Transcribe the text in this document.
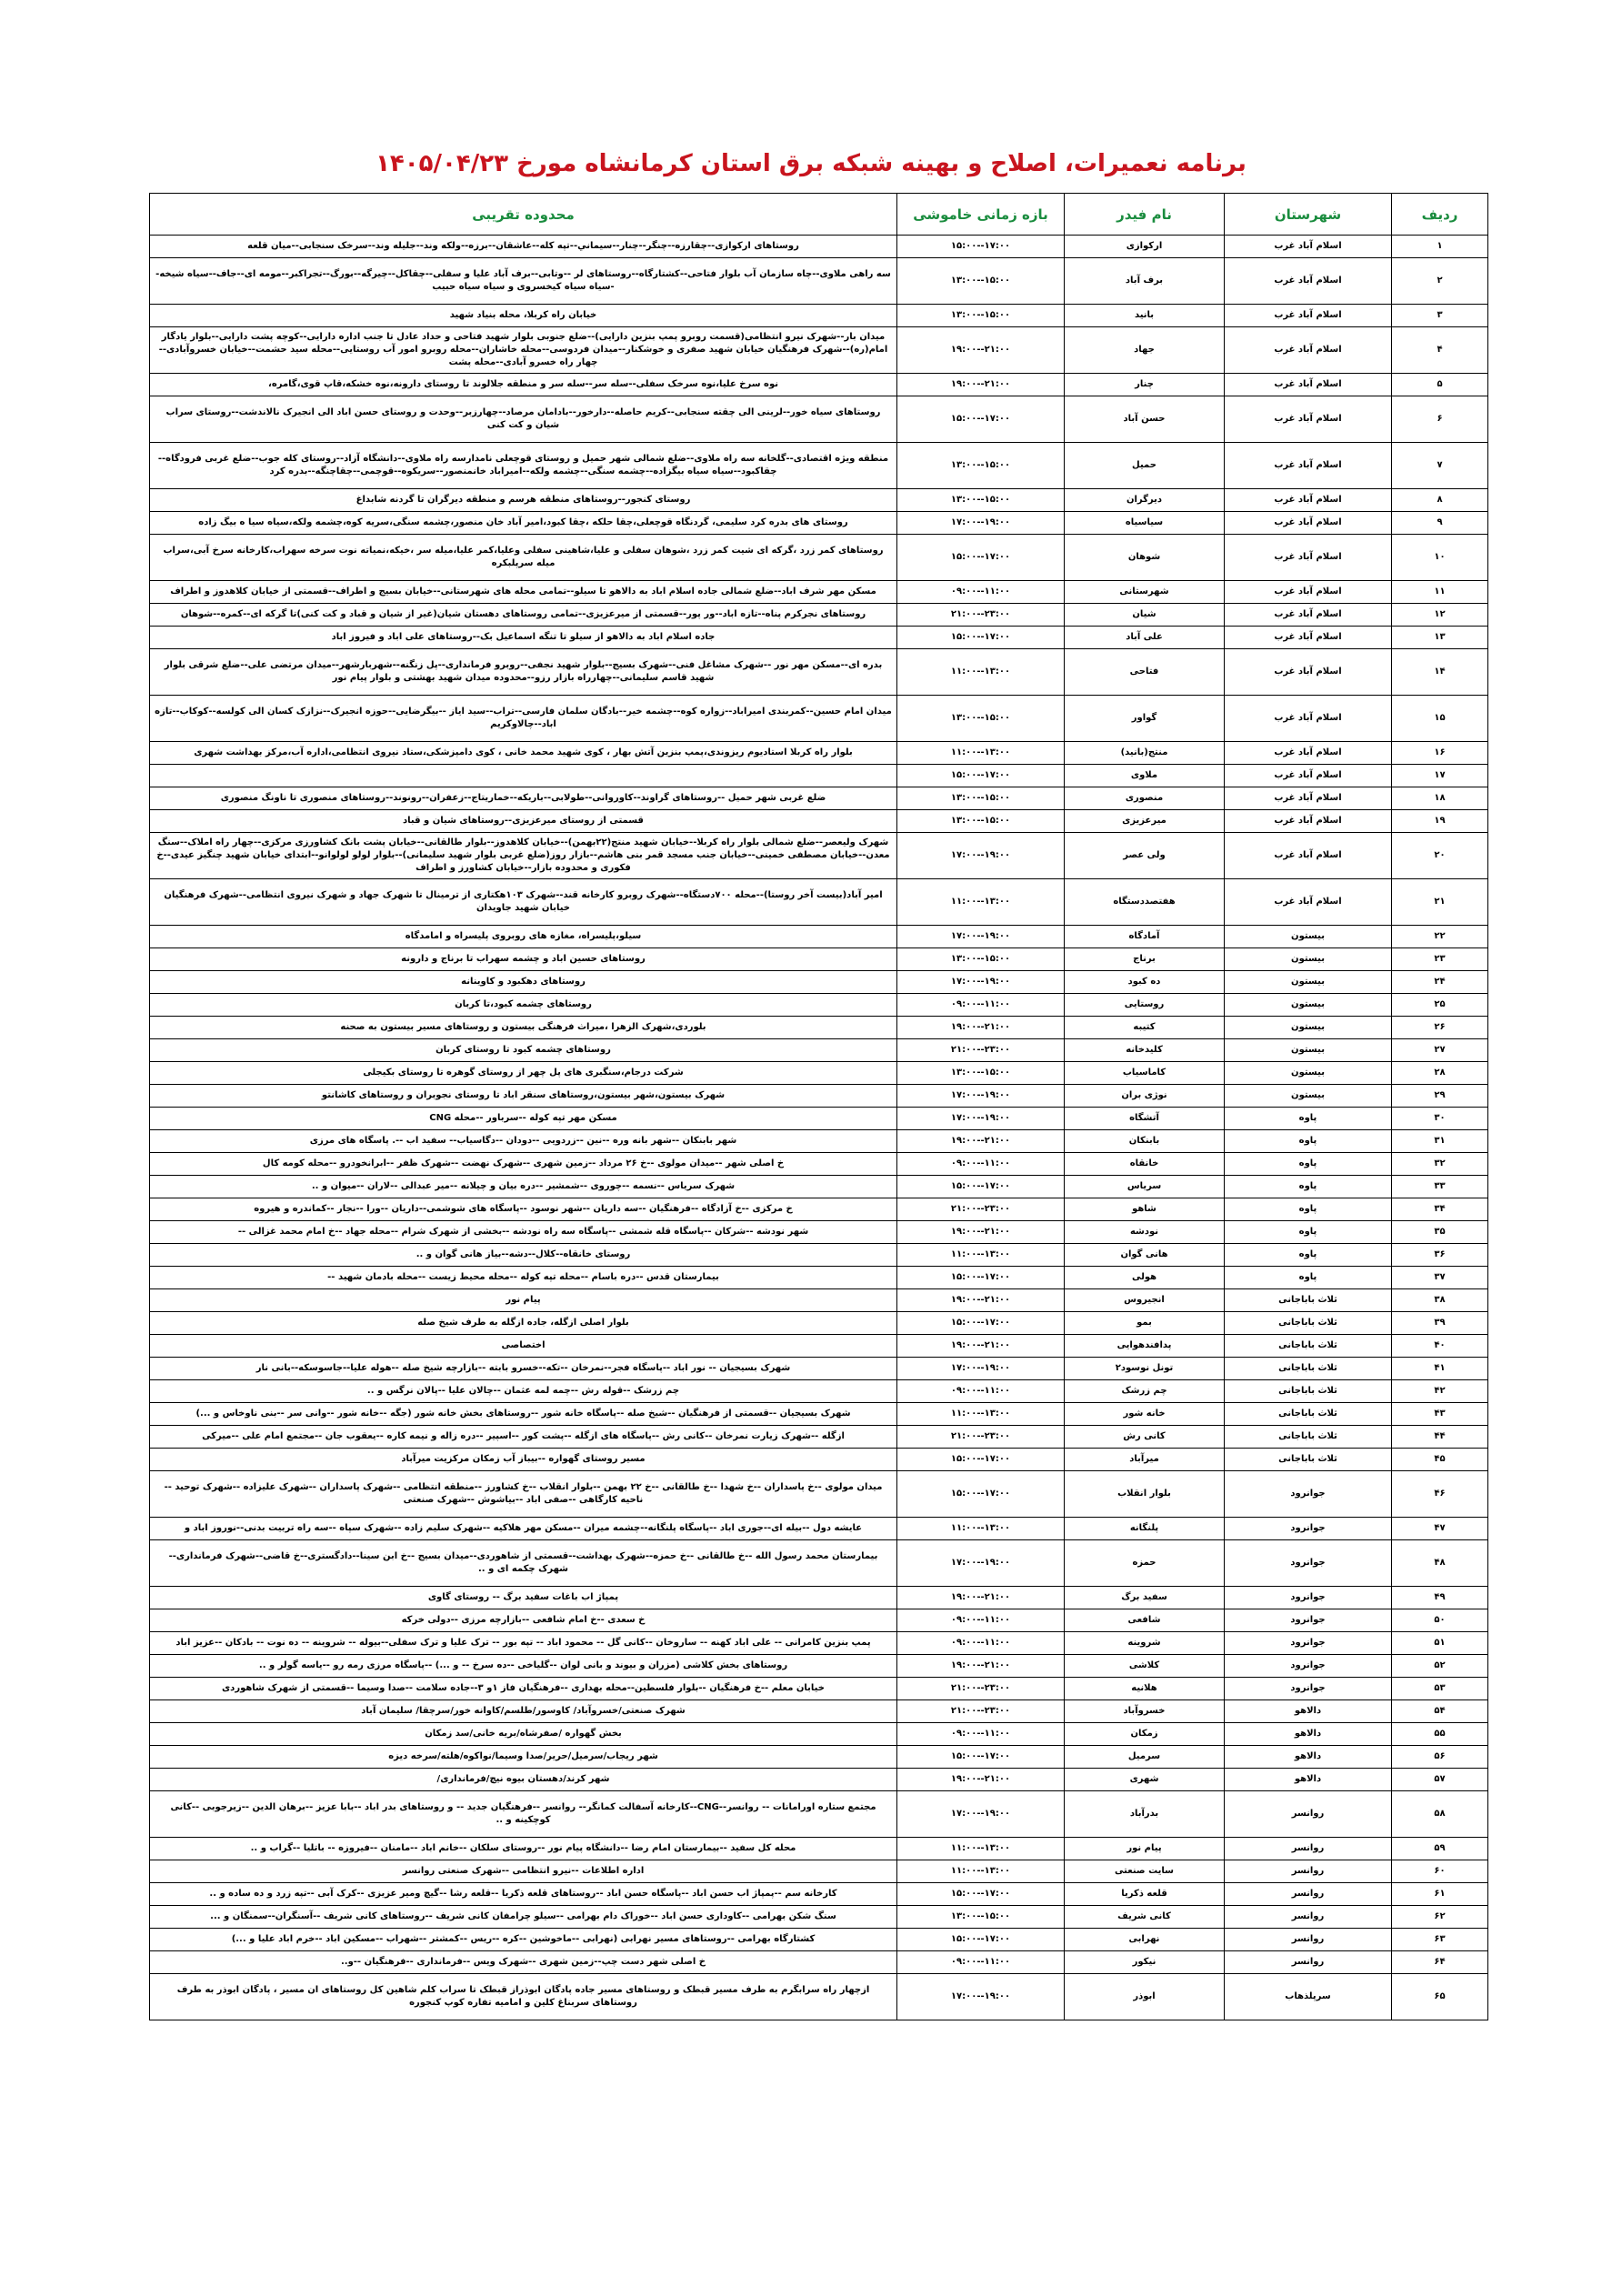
برنامه نعمیرات، اصلاح و بهینه شبکه برق استان کرمانشاه مورخ ۱۴۰۵/۰۴/۲۳
ردیف	شهرستان	نام فیدر	بازه زمانی خاموشی	محدوده تقریبی
۱	اسلام آباد غرب	ارکوازی	۱۵:۰۰--۱۷:۰۰	روستاهای ارکوازی--چقارزه--چنگر--چنار--سیماني--تپه کله--عاشقان--برزه--ولکه وند--جلیله وند--سرخک سنجابی--میان قلعه
۲	اسلام آباد غرب	برف آباد	۱۳:۰۰--۱۵:۰۰	سه راهی ملاوی--چاه سازمان آب بلوار فتاحی--کشتارگاه--روستاهای لر --وتابی--برف آباد علیا و سفلی--چقاکل--چیرگه--بورگ--تجراکبر--مومه ای--جاف--سیاه شیخه--سیاه سیاه کیخسروی و سیاه سیاه حبیب
۳	اسلام آباد غرب	بانید	۱۳:۰۰--۱۵:۰۰	خیابان راه کربلا، محله بنیاد شهید
۴	اسلام آباد غرب	جهاد	۱۹:۰۰--۲۱:۰۰	میدان بار--شهرک نیرو انتظامی(قسمت روبرو پمپ بنزین دارایی)--ضلع جنوبی بلوار شهید فتاحی و حداد عادل تا جنب اداره دارایی--کوچه پشت دارایی--بلوار یادگار امام(ره)--شهرک فرهنگیان خیابان شهید صفری و خوشکنار--میدان فردوسی--محله خاشاران--محله روبرو امور آب روستایی--محله سید حشمت--خیابان خسروآبادی--چهار راه خسرو آبادی--محله پشت
۵	اسلام آباد غرب	چنار	۱۹:۰۰--۲۱:۰۰	نوه سرخ علیا،نوه سرخک سفلی--سله سر--سله سر و منطقه جلالوند تا روستای دارونه،نوه خشکه،قاپ قوی،گامره،
۶	اسلام آباد غرب	حسن آباد	۱۵:۰۰--۱۷:۰۰	روستاهای سیاه خور--لرینی الی چقته سنجابی--کریم حاصله--دارخور--بادامان مرصاد--چهارزبر--وحدت و روستای حسن اباد الی انجیرک نالاندشت--روستای سراب شیان و کت کنی
۷	اسلام آباد غرب	حمیل	۱۳:۰۰--۱۵:۰۰	منطقه ویژه اقتصادی--گلخانه سه راه ملاوی--ضلع شمالی شهر حمیل و روستای قوچعلی نامدارسه راه ملاوی--دانشگاه آزاد--روستای کله جوب--ضلع غربی فرودگاه--چقاکبود--سیاه سیاه بیگزاده--چشمه سنگی--چشمه ولکه--امیراباد خانمنصور--سریکوه--قوچمی--چقاچنگه--بدره کرد
۸	اسلام آباد غرب	دیرگران	۱۳:۰۰--۱۵:۰۰	روستای کنجور--روستاهای منطقه هرسم و منطقه دیرگران تا گردنه شابداغ
۹	اسلام آباد غرب	سیاسیاه	۱۷:۰۰--۱۹:۰۰	روستای های بدره کرد سلیمی، گردنگاه قوچعلی،چقا حلکه ،چقا کبود،امیر آباد خان منصور،چشمه سنگی،سریه کوه،چشمه ولکه،سیاه سیا ه بیگ زاده
۱۰	اسلام آباد غرب	شوهان	۱۵:۰۰--۱۷:۰۰	روستاهای کمر زرد ،گرکه ای شیت کمر زرد ،شوهان سفلی و علیا،شاهینی سفلی وعلیا،کمر علیا،میله سر ،خیکه،نمیاته نوت سرخه سهراب،کارخانه سرخ آبی،سراب میله سرپلبکره
۱۱	اسلام آباد غرب	شهرستانی	۰۹:۰۰--۱۱:۰۰	مسکن مهر شرف اباد--ضلع شمالی جاده اسلام اباد به دالاهو تا سیلو--تمامی محله های شهرستانی--خیابان بسیج و اطراف--قسمتی از خیابان کلاهدوز و اطراف
۱۲	اسلام آباد غرب	شیان	۲۱:۰۰--۲۳:۰۰	روستاهای نجرکرم پناه--تازه اباد--ور پور--قسمتی از میرعزیزی--تمامی روستاهای دهستان شیان(غیر از شیان و قباد و کت کنی)تا گرکه ای--کمره--شوهان
۱۳	اسلام آباد غرب	علی آباد	۱۵:۰۰--۱۷:۰۰	جاده اسلام اباد به دالاهو از سیلو تا تنگه اسماعیل بک--روستاهای علی اباد و فیروز اباد
۱۴	اسلام آباد غرب	فتاحی	۱۱:۰۰--۱۳:۰۰	بدره ای--مسکن مهر نور --شهرک مشاغل فنی--شهرک بسیج--بلوار شهید نجفی--روبرو فرمانداری--پل زنگنه--شهربارشهر--میدان مرتضی علی--ضلع شرقی بلوار شهید قاسم سلیمانی--چهارراه بازار رزو--محدوده میدان شهید بهشتی و بلوار پیام نور
۱۵	اسلام آباد غرب	گواور	۱۳:۰۰--۱۵:۰۰	میدان امام حسین--کمربندی امیراباد--زواره کوه--چشمه خیر--بادگان سلمان فارسی--تراب--سید ایاز --بیگرضایی--حوزه انجیرک--نزازک کسان الی کولسه--کوکاب--تازه اباد--چالاوکریم
۱۶	اسلام آباد غرب	منتج(بانید)	۱۱:۰۰--۱۳:۰۰	بلوار راه کربلا استادیوم ریزوندی،پمپ بنزین آتش بهار ، کوی شهید محمد خانی ، کوی دامپزشکی،ستاد نیروی انتظامی،اداره آب،مرکز بهداشت شهری
۱۷	اسلام آباد غرب	ملاوی	۱۵:۰۰--۱۷:۰۰	
۱۸	اسلام آباد غرب	منصوری	۱۳:۰۰--۱۵:۰۰	ضلع غربی شهر حمیل --روستاهای گراوند--کاوروانی--طولابی--باریکه--خماریتاج--زعفران--رونوند--روستاهای منصوری تا ناونگ منصوری
۱۹	اسلام آباد غرب	میرعزیزی	۱۳:۰۰--۱۵:۰۰	قسمتی از روستای میرعزیزی--روستاهای شیان و قباد
۲۰	اسلام آباد غرب	ولی عصر	۱۷:۰۰--۱۹:۰۰	شهرک ولیعصر--ضلع شمالی بلوار راه کربلا--خیابان شهید منتج(۲۲بهمن)--خیابان کلاهدوز--بلوار طالقانی--خیابان پشت بانک کشاورزی مرکزی--چهار راه املاک--سنگ معدن--خیابان مصطفی خمینی--خیابان جنب مسجد قمر بنی هاشم--بازار روز(ضلع غربی بلوار شهید سلیمانی)--بلوار لولو لولوانو--ابتدای خیابان شهید چنگیز عیدی--خ فکوری و محدوده بازار--خیابان کشاورز و اطراف
۲۱	اسلام آباد غرب	هفتصددستگاه	۱۱:۰۰--۱۳:۰۰	امیر آباد(بیست آخر روستا)--محله ۷۰۰دستگاه--شهرک روبرو کارخانه قند--شهرک ۱۰۳هکتاری از ترمینال تا شهرک جهاد و شهرک نیروی انتظامی--شهرک فرهنگیان خیابان شهید جاویدان
۲۲	بیستون	آمادگاه	۱۷:۰۰--۱۹:۰۰	سیلو،پلیسراه، مغازه های روبروی پلیسراه و امامدگاه
۲۳	بیستون	برناج	۱۳:۰۰--۱۵:۰۰	روستاهای حسین اباد و چشمه سهراب تا برناج و دارونه
۲۴	بیستون	ده کبود	۱۷:۰۰--۱۹:۰۰	روستاهای دهکبود و کاوینانه
۲۵	بیستون	روستایی	۰۹:۰۰--۱۱:۰۰	روستاهای چشمه کبود،تا کربان
۲۶	بیستون	کتیبه	۱۹:۰۰--۲۱:۰۰	بلوردی،شهرک الزهرا ،میراث فرهنگی بیستون و روستاهای مسیر بیستون به صحنه
۲۷	بیستون	کلیدخانه	۲۱:۰۰--۲۳:۰۰	روستاهای چشمه کبود تا روستای کربان
۲۸	بیستون	کاماسیاب	۱۳:۰۰--۱۵:۰۰	شرکت درجام،سنگبری های پل چهر از روستای گوهره تا روستای بکیجلی
۲۹	بیستون	نوژی بران	۱۷:۰۰--۱۹:۰۰	شهرک بیستون،شهر بیستون،روستاهای سنقر اباد تا روستای نجوبران و روستاهای کاشانتو
۳۰	پاوه	آتشگاه	۱۷:۰۰--۱۹:۰۰	مسکن مهر تپه کوله --سرباور --محله CNG
۳۱	پاوه	بابنکان	۱۹:۰۰--۲۱:۰۰	شهر بابنکان --شهر بانه وره --نین --زردویی --دودان --دگاسیاب-- سفید اب --. پاسگاه های مرزی
۳۲	پاوه	خانقاه	۰۹:۰۰--۱۱:۰۰	خ اصلی شهر --میدان مولوی --خ ۲۶ مرداد --زمین شهری --شهرک نهضت --شهرک ظفر --ابرانخودرو --محله کومه کال
۳۳	پاوه	سریاس	۱۵:۰۰--۱۷:۰۰	شهرک سریاس --نسمه --چوروی --شمشیر --دره بیان و چیلانه --میر عبدالی --لاران --میوان و ..
۳۴	پاوه	شاهو	۲۱:۰۰--۲۳:۰۰	خ مرکزی --خ آزادگاه --فرهنگیان --سه داریان --شهر نوسود --پاسگاه های شوشمی--داریان --ورا --نجار --کماندره و هیروه
۳۵	پاوه	نودشه	۱۹:۰۰--۲۱:۰۰	شهر نودشه --شرکان --پاسگاه قله شمشی --پاسگاه سه راه نودشه --بخشی از شهرک شرام --محله جهاد --خ امام محمد غزالی --
۳۶	پاوه	هانی گوان	۱۱:۰۰--۱۳:۰۰	روستای خانقاه--کلال--دشه--بیاز هانی گوان و ..
۳۷	پاوه	هولی	۱۵:۰۰--۱۷:۰۰	بیمارستان قدس --دره باسام --محله تپه کوله --محله محیط زیست --محله بادمان شهید --
۳۸	ثلاث باباجانی	انجیروس	۱۹:۰۰--۲۱:۰۰	پیام نور
۳۹	ثلاث باباجانی	بمو	۱۵:۰۰--۱۷:۰۰	بلوار اصلی ازگله، جاده ازگله به طرف شیخ صله
۴۰	ثلاث باباجانی	پدافندهوایی	۱۹:۰۰--۲۱:۰۰	اختصاصی
۴۱	ثلاث باباجانی	تونل نوسود۲	۱۷:۰۰--۱۹:۰۰	شهرک بسیجیان -- نور اباد --پاسگاه فجر--نمرخان --تکه--خسرو بابته --بازارچه شیخ صله --هوله علیا--جاسوسکه--بانی نار
۴۲	ثلاث باباجانی	چم زرشک	۰۹:۰۰--۱۱:۰۰	چم زرشک --قوله رش --چمه لمه عثمان --چالان علیا --پالان نرگس و ..
۴۳	ثلاث باباجانی	خانه شور	۱۱:۰۰--۱۳:۰۰	شهرک بسیجیان --قسمتی از فرهنگیان --شیخ صله --پاسگاه خانه شور --روستاهای بخش خانه شور (جگه --خانه شور --وانی سر --بنی ناوخاس و ...)
۴۴	ثلاث باباجانی	کانی رش	۲۱:۰۰--۲۳:۰۰	ازگله --شهرک زیارت نمرخان --کانی رش --پاسگاه های ازگله --پشت کور --اسپیر --دره زاله و نیمه کاره --یعقوب جان --مجتمع امام علی --میرکی
۴۵	ثلاث باباجانی	میرآباد	۱۵:۰۰--۱۷:۰۰	مسیر روستای گهواره --بیباز آب زمکان مرکزیت میرآباد
۴۶	جوانرود	بلوار انقلاب	۱۵:۰۰--۱۷:۰۰	میدان مولوی --خ پاسداران --خ شهدا --خ طالقانی --خ ۲۲ بهمن --بلوار انقلاب --خ کشاورز --منطقه انتظامی --شهرک پاسداران --شهرک علیزاده --شهرک توحید -- ناحیه کارگاهی --صفی اباد --بیاشوش --شهرک صنعتی
۴۷	جوانرود	پلنگانه	۱۱:۰۰--۱۳:۰۰	عایشه دول --بیله ای--جوری اباد --پاسگاه پلنگانه--چشمه میران --مسکن مهر هلاکیه --شهرک سلیم زاده --شهرک سپاه --سه راه تربیت بدنی--نوروز اباد و
۴۸	جوانرود	حمزه	۱۷:۰۰--۱۹:۰۰	بیمارستان محمد رسول الله --خ طالقانی --خ حمزه--شهرک بهداشت--قسمتی از شاهوردی--میدان بسیج --خ ابن سینا--دادگستری--خ قاضی--شهرک فرمانداری-- شهرک چکمه ای و ..
۴۹	جوانرود	سفید برگ	۱۹:۰۰--۲۱:۰۰	پمپاژ اب باغات سفید برگ -- روستای گاوی
۵۰	جوانرود	شافعی	۰۹:۰۰--۱۱:۰۰	خ سعدی --خ امام شافعی --بازارچه مرزی --دولی خرکه
۵۱	جوانرود	شروینه	۰۹:۰۰--۱۱:۰۰	پمپ بنزین کامرانی -- علی اباد کهنه -- ساروخان --کانی گل -- محمود اباد -- تپه بور -- ترک علیا و ترک سفلی--بیوله -- شروینه -- ده نوت -- بادکان --عزیز اباد
۵۲	جوانرود	کلاشی	۱۹:۰۰--۲۱:۰۰	روستاهای بخش کلاشی (مزران و بیوند و بانی لوان --گلیاخی --ده سرخ -- و ...) --پاسگاه مرزی رمه رو --یاسه گولر و ..
۵۳	جوانرود	هلانیه	۲۱:۰۰--۲۳:۰۰	خیابان معلم --خ فرهنگیان --بلوار فلسطین--محله بهداری --فرهنگیان فاز ۱و ۳--جاده سلامت --صدا وسیما --قسمتی از شهرک شاهوردی
۵۴	دالاهو	خسروآباد	۲۱:۰۰--۲۳:۰۰	شهرک صنعتی/خسروآباد/ کاوسور/طلسم/کاوانه خور/سرچقا/ سلیمان آباد
۵۵	دالاهو	زمکان	۰۹:۰۰--۱۱:۰۰	بخش گهواره /صفرشاه/بریه خانی/سد زمکان
۵۶	دالاهو	سرمیل	۱۵:۰۰--۱۷:۰۰	شهر ریجاب/سرمیل/حریر/صدا وسیما/نواکوه/هلته/سرخه دیزه
۵۷	دالاهو	شهری	۱۹:۰۰--۲۱:۰۰	شهر کرند/دهستان بیوه نیچ/فرمانداری/
۵۸	روانسر	بدرآباد	۱۷:۰۰--۱۹:۰۰	مجتمع ستاره اورامانات -- روانسر--CNG--کارخانه آسفالت کمانگر-- روانسر --فرهنگیان جدید -- و روستاهای بدر اباد --بابا عزیز --برهان الدین --زیرجوبی --کانی کوچکینه و ..
۵۹	روانسر	پیام نور	۱۱:۰۰--۱۳:۰۰	محله کل سفید --بیمارستان امام رضا --دانشگاه پیام نور --روستای سلکان --خانم اباد --مامنان --فیروزه -- باتلیا --گراب و ..
۶۰	روانسر	سایت صنعتی	۱۱:۰۰--۱۳:۰۰	اداره اطلاعات --نیرو انتظامی --شهرک صنعتی روانسر
۶۱	روانسر	قلعه ذکریا	۱۵:۰۰--۱۷:۰۰	کارخانه سم --پمپاژ اب حسن اباد --پاسگاه حسن اباد --روستاهای قلعه ذکریا --قلعه رشا --گیچ ومیر عزیزی --کرک آبی --تپه زرد و ده ساده و ..
۶۲	روانسر	کانی شریف	۱۳:۰۰--۱۵:۰۰	سنگ شکن بهرامی --کاوداری حسن اباد --خوراک دام بهرامی --سیلو چرامفان کانی شریف --روستاهای کانی شریف --آسنگران--سمنگان و ...
۶۳	روانسر	نهرابی	۱۵:۰۰--۱۷:۰۰	کشتارگاه بهرامی --روستاهای مسیر نهرابی (نهرابی --ماخوشین --کره --ریس --کمشتر --شهراب --مسکین اباد --خرم اباد علیا و ...)
۶۴	روانسر	نیکور	۰۹:۰۰--۱۱:۰۰	خ اصلی شهر دست چپ--زمین شهری --شهرک ویس --فرمانداری --فرهنگیان --و..
۶۵	سرپلذهاب	ابوذر	۱۷:۰۰--۱۹:۰۰	ازچهار راه سرابگرم به طرف مسیر قبطک و روستاهای مسیر جاده پادگان ابوذراز قبطک تا سراب کلم شاهین کل روستاهای ان مسیر ، پادگان ابوذر به طرف روستاهای سربناغ کلین و امامیه تفاره کوپ کنجوره
